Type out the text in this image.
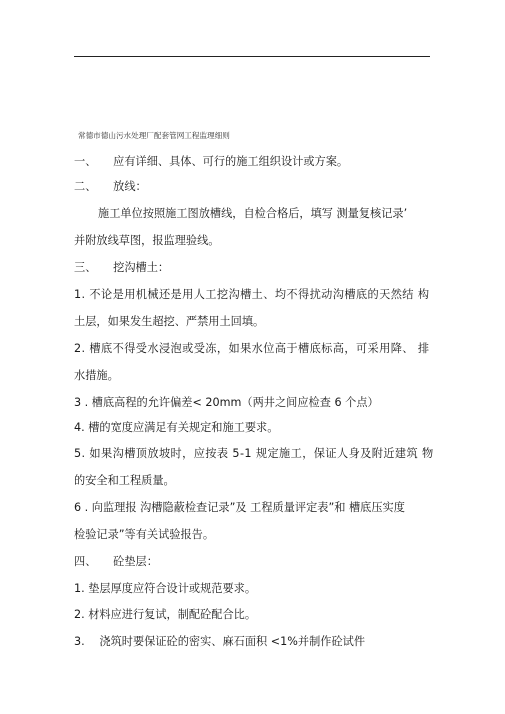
常德市德山污水处理厂配套管网工程监理细则
一、　　应有详细、具体、可行的施工组织设计或方案。
二、　　放线：
施工单位按照施工图放槽线，自检合格后，填写 测量复核记录’
并附放线草图，报监理验线。
三、　　挖沟槽土：
1. 不论是用机械还是用人工挖沟槽土、均不得扰动沟槽底的天然结 构
土层，如果发生超挖、严禁用土回填。
2. 槽底不得受水浸泡或受冻，如果水位高于槽底标高，可采用降、 排
水措施。
3 . 槽底高程的允许偏差< 20mm（两井之间应检查 6 个点）
4. 槽的宽度应满足有关规定和施工要求。
5. 如果沟槽顶放坡时，应按表 5-1 规定施工，保证人身及附近建筑 物
的安全和工程质量。
6 . 向监理报 沟槽隐蔽检查记录”及 工程质量评定表”和 槽底压实度
检验记录”等有关试验报告。
四、　　砼垫层：
1. 垫层厚度应符合设计或规范要求。
2. 材料应进行复试，制配砼配合比。
3.　 浇筑时要保证砼的密实、麻石面积 <1%并制作砼试件
